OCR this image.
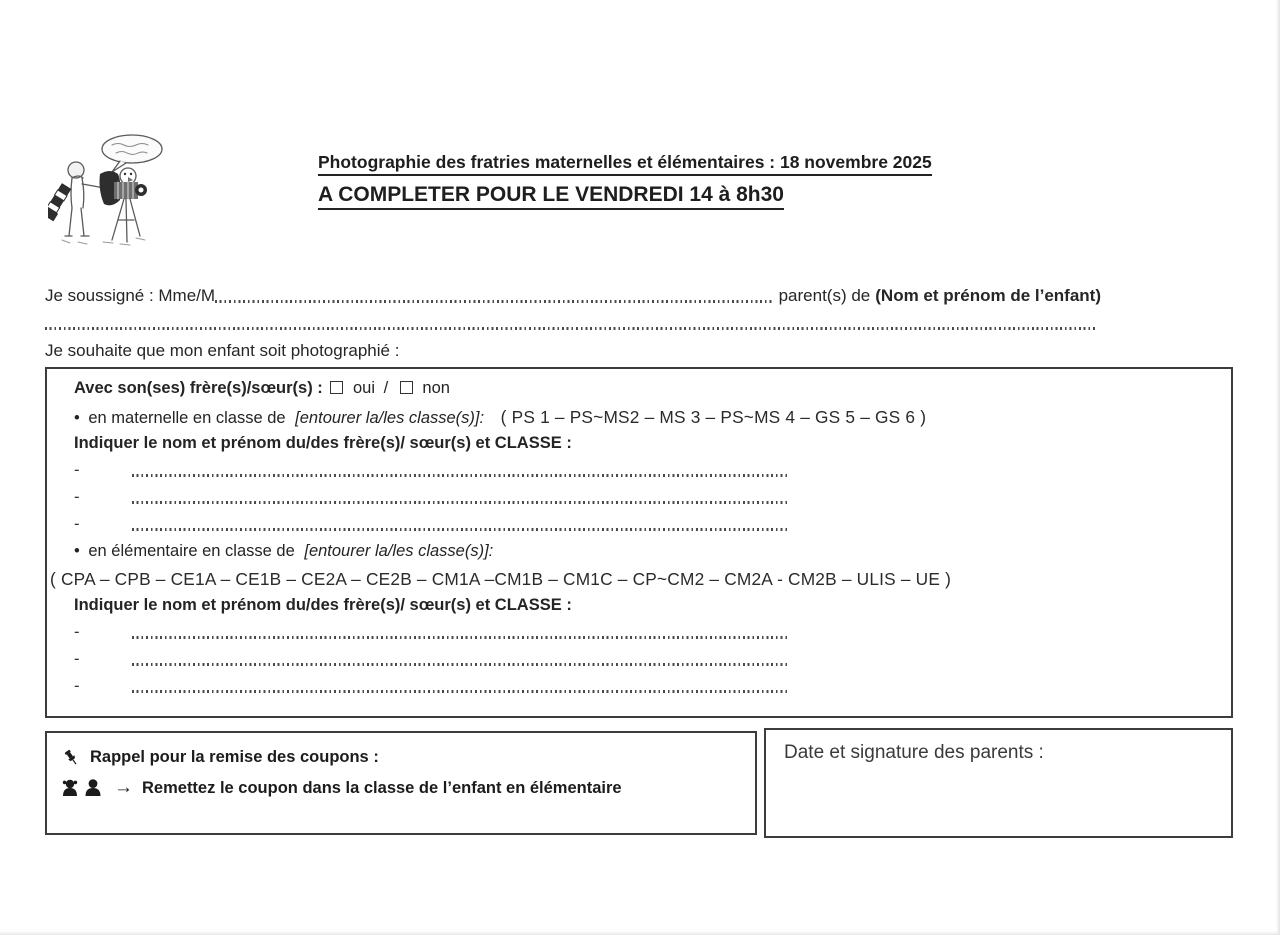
Photographie des fratries maternelles et élémentaires : 18 novembre 2025
A COMPLETER POUR LE VENDREDI 14 à 8h30
Je soussigné : Mme/M	parent(s) de (Nom et prénom de l’enfant)
Je souhaite que mon enfant soit photographié :
Avec son(ses) frère(s)/sœur(s) : oui / non
• en maternelle en classe de [entourer la/les classe(s)]: ( PS 1 – PS~MS2 – MS 3 – PS~MS 4 – GS 5 – GS 6 )
Indiquer le nom et prénom du/des frère(s)/ sœur(s) et CLASSE :
-
-
-
• en élémentaire en classe de [entourer la/les classe(s)]:
( CPA – CPB – CE1A – CE1B – CE2A – CE2B – CM1A –CM1B – CM1C – CP~CM2 – CM2A - CM2B – ULIS – UE )
Indiquer le nom et prénom du/des frère(s)/ sœur(s) et CLASSE :
-
-
-
Rappel pour la remise des coupons :
→ Remettez le coupon dans la classe de l’enfant en élémentaire
Date et signature des parents :
